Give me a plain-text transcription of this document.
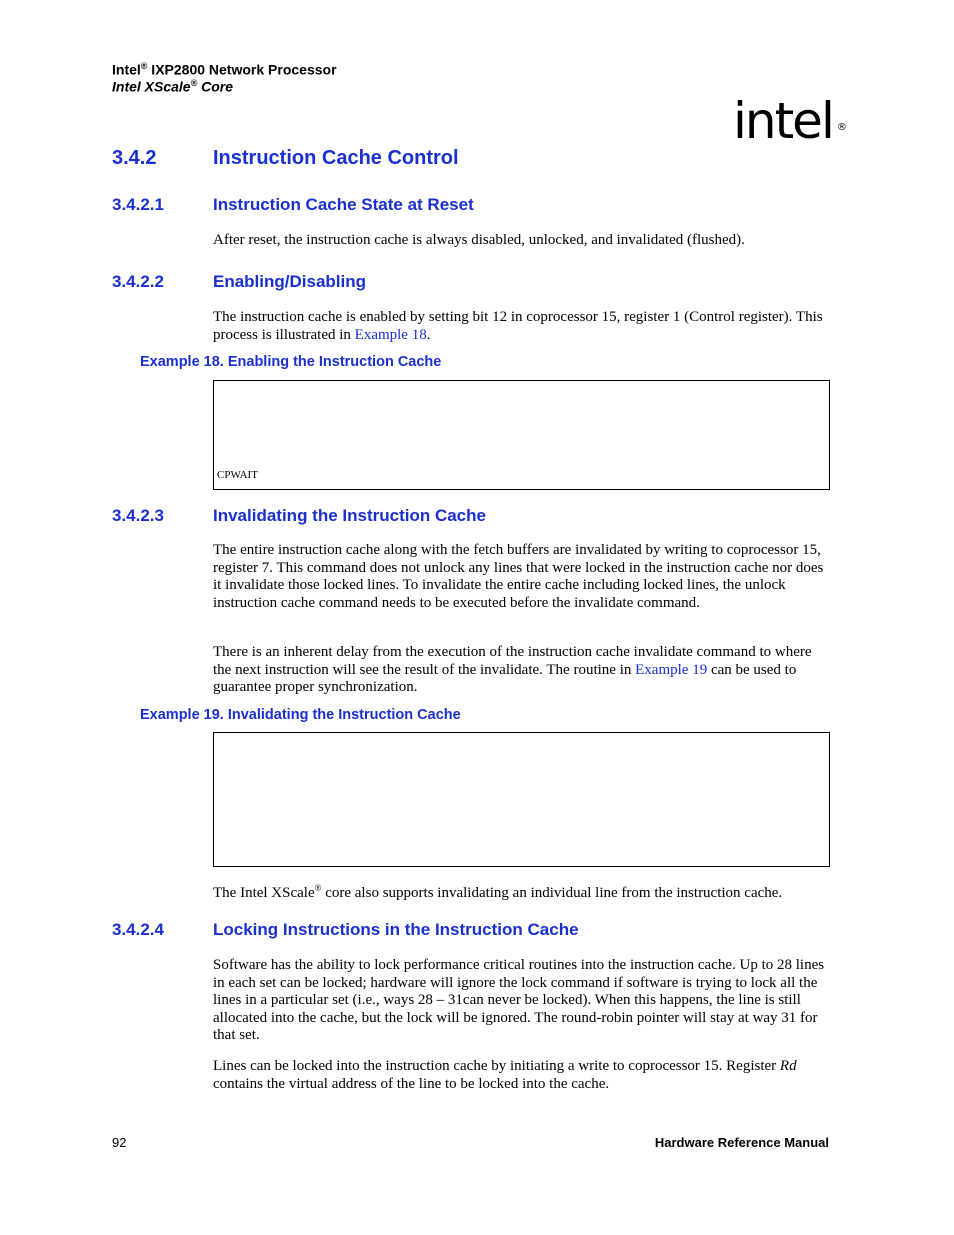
Intel® IXP2800 Network Processor
Intel XScale® Core
intel ®
3.4.2	Instruction Cache Control
3.4.2.1	Instruction Cache State at Reset
After reset, the instruction cache is always disabled, unlocked, and invalidated (flushed).
3.4.2.2	Enabling/Disabling
The instruction cache is enabled by setting bit 12 in coprocessor 15, register 1 (Control register). This process is illustrated in Example 18.
Example 18. Enabling the Instruction Cache
CPWAIT
3.4.2.3	Invalidating the Instruction Cache
The entire instruction cache along with the fetch buffers are invalidated by writing to coprocessor 15, register 7. This command does not unlock any lines that were locked in the instruction cache nor does it invalidate those locked lines. To invalidate the entire cache including locked lines, the unlock instruction cache command needs to be executed before the invalidate command.
There is an inherent delay from the execution of the instruction cache invalidate command to where the next instruction will see the result of the invalidate. The routine in Example 19 can be used to guarantee proper synchronization.
Example 19. Invalidating the Instruction Cache
The Intel XScale® core also supports invalidating an individual line from the instruction cache.
3.4.2.4	Locking Instructions in the Instruction Cache
Software has the ability to lock performance critical routines into the instruction cache. Up to 28 lines in each set can be locked; hardware will ignore the lock command if software is trying to lock all the lines in a particular set (i.e., ways 28 – 31can never be locked). When this happens, the line is still allocated into the cache, but the lock will be ignored. The round-robin pointer will stay at way 31 for that set.
Lines can be locked into the instruction cache by initiating a write to coprocessor 15. Register Rd contains the virtual address of the line to be locked into the cache.
92	Hardware Reference Manual
